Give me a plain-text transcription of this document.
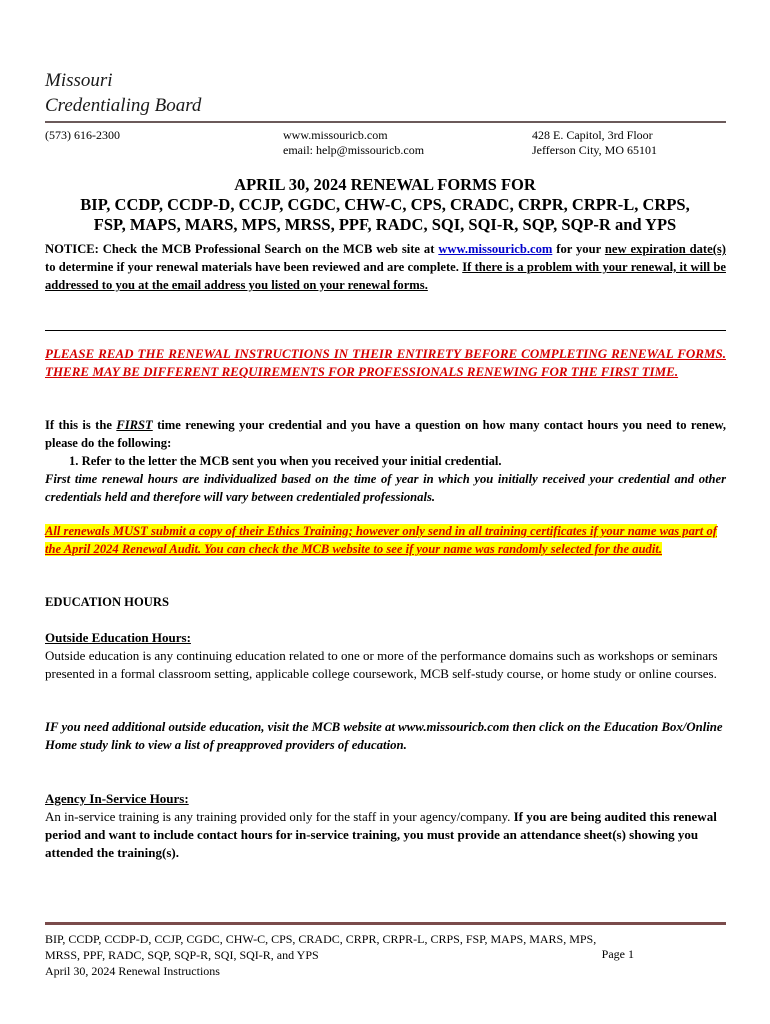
Missouri
Credentialing Board
(573) 616-2300	www.missouricb.com
email: help@missouricb.com
428 E. Capitol, 3rd Floor
Jefferson City, MO 65101
APRIL 30, 2024 RENEWAL FORMS FOR
BIP, CCDP, CCDP-D, CCJP, CGDC, CHW-C, CPS, CRADC, CRPR, CRPR-L, CRPS,
FSP, MAPS, MARS, MPS, MRSS, PPF, RADC, SQI, SQI-R, SQP, SQP-R and YPS
NOTICE: Check the MCB Professional Search on the MCB web site at www.missouricb.com for your new expiration date(s) to determine if your renewal materials have been reviewed and are complete. If there is a problem with your renewal, it will be addressed to you at the email address you listed on your renewal forms.
PLEASE READ THE RENEWAL INSTRUCTIONS IN THEIR ENTIRETY BEFORE COMPLETING RENEWAL FORMS. THERE MAY BE DIFFERENT REQUIREMENTS FOR PROFESSIONALS RENEWING FOR THE FIRST TIME.
If this is the FIRST time renewing your credential and you have a question on how many contact hours you need to renew, please do the following:
1. Refer to the letter the MCB sent you when you received your initial credential.
First time renewal hours are individualized based on the time of year in which you initially received your credential and other credentials held and therefore will vary between credentialed professionals.
All renewals MUST submit a copy of their Ethics Training; however only send in all training certificates if your name was part of the April 2024 Renewal Audit. You can check the MCB website to see if your name was randomly selected for the audit.
EDUCATION HOURS
Outside Education Hours:
Outside education is any continuing education related to one or more of the performance domains such as workshops or seminars presented in a formal classroom setting, applicable college coursework, MCB self-study course, or home study or online courses.
IF you need additional outside education, visit the MCB website at www.missouricb.com then click on the Education Box/Online Home study link to view a list of preapproved providers of education.
Agency In-Service Hours:
An in-service training is any training provided only for the staff in your agency/company. If you are being audited this renewal period and want to include contact hours for in-service training, you must provide an attendance sheet(s) showing you attended the training(s).
BIP, CCDP, CCDP-D, CCJP, CGDC, CHW-C, CPS, CRADC, CRPR, CRPR-L, CRPS, FSP, MAPS, MARS, MPS,
MRSS, PPF, RADC, SQP, SQP-R, SQI, SQI-R, and YPS
April 30, 2024 Renewal Instructions
Page 1
